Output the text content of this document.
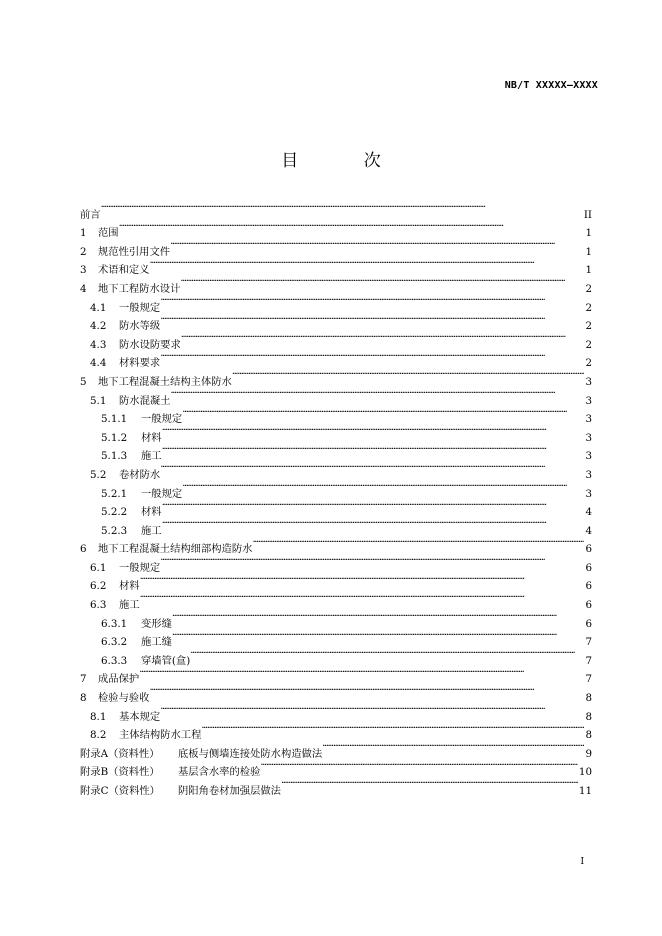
NB/T XXXXX—XXXX
目 次
前言 ·····	II
1	范围 ·····	1
2	规范性引用文件 ·····	1
3	术语和定义 ·····	1
4	地下工程防水设计 ·····	2
4.1	一般规定 ·····	2
4.2	防水等级 ·····	2
4.3	防水设防要求 ·····	2
4.4	材料要求 ·····	2
5	地下工程混凝土结构主体防水 ·····	3
5.1	防水混凝土 ·····	3
5.1.1	一般规定 ·····	3
5.1.2	材料 ·····	3
5.1.3	施工 ·····	3
5.2	卷材防水 ·····	3
5.2.1	一般规定 ·····	3
5.2.2	材料 ·····	4
5.2.3	施工 ·····	4
6	地下工程混凝土结构细部构造防水 ·····	6
6.1	一般规定 ·····	6
6.2	材料 ·····	6
6.3	施工 ·····	6
6.3.1	变形缝 ·····	6
6.3.2	施工缝 ·····	7
6.3.3	穿墙管(盒) ·····	7
7	成品保护 ·····	7
8	检验与验收 ·····	8
8.1	基本规定 ·····	8
8.2	主体结构防水工程 ·····	8
附录A（资料性）	底板与侧墙连接处防水构造做法 ·····	9
附录B（资料性）	基层含水率的检验 ·····	10
附录C（资料性）	阴阳角卷材加强层做法 ·····	11
I
